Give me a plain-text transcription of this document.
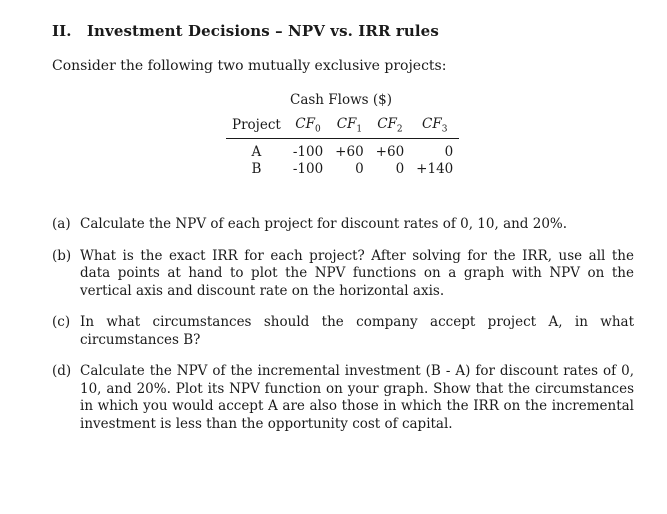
II. Investment Decisions – NPV vs. IRR rules
Consider the following two mutually exclusive projects:
Cash Flows ($)
Project	$CF_0$	$CF_1$	$CF_2$	$CF_3$
A	-100	+60	+60	0
B	-100	0	0	+140
(a) Calculate the NPV of each project for discount rates of 0, 10, and 20%.
(b) What is the exact IRR for each project? After solving for the IRR, use all the data points at hand to plot the NPV functions on a graph with NPV on the vertical axis and discount rate on the horizontal axis.
(c) In what circumstances should the company accept project A, in what circumstances B?
(d) Calculate the NPV of the incremental investment (B - A) for discount rates of 0, 10, and 20%. Plot its NPV function on your graph. Show that the circumstances in which you would accept A are also those in which the IRR on the incremental investment is less than the opportunity cost of capital.
